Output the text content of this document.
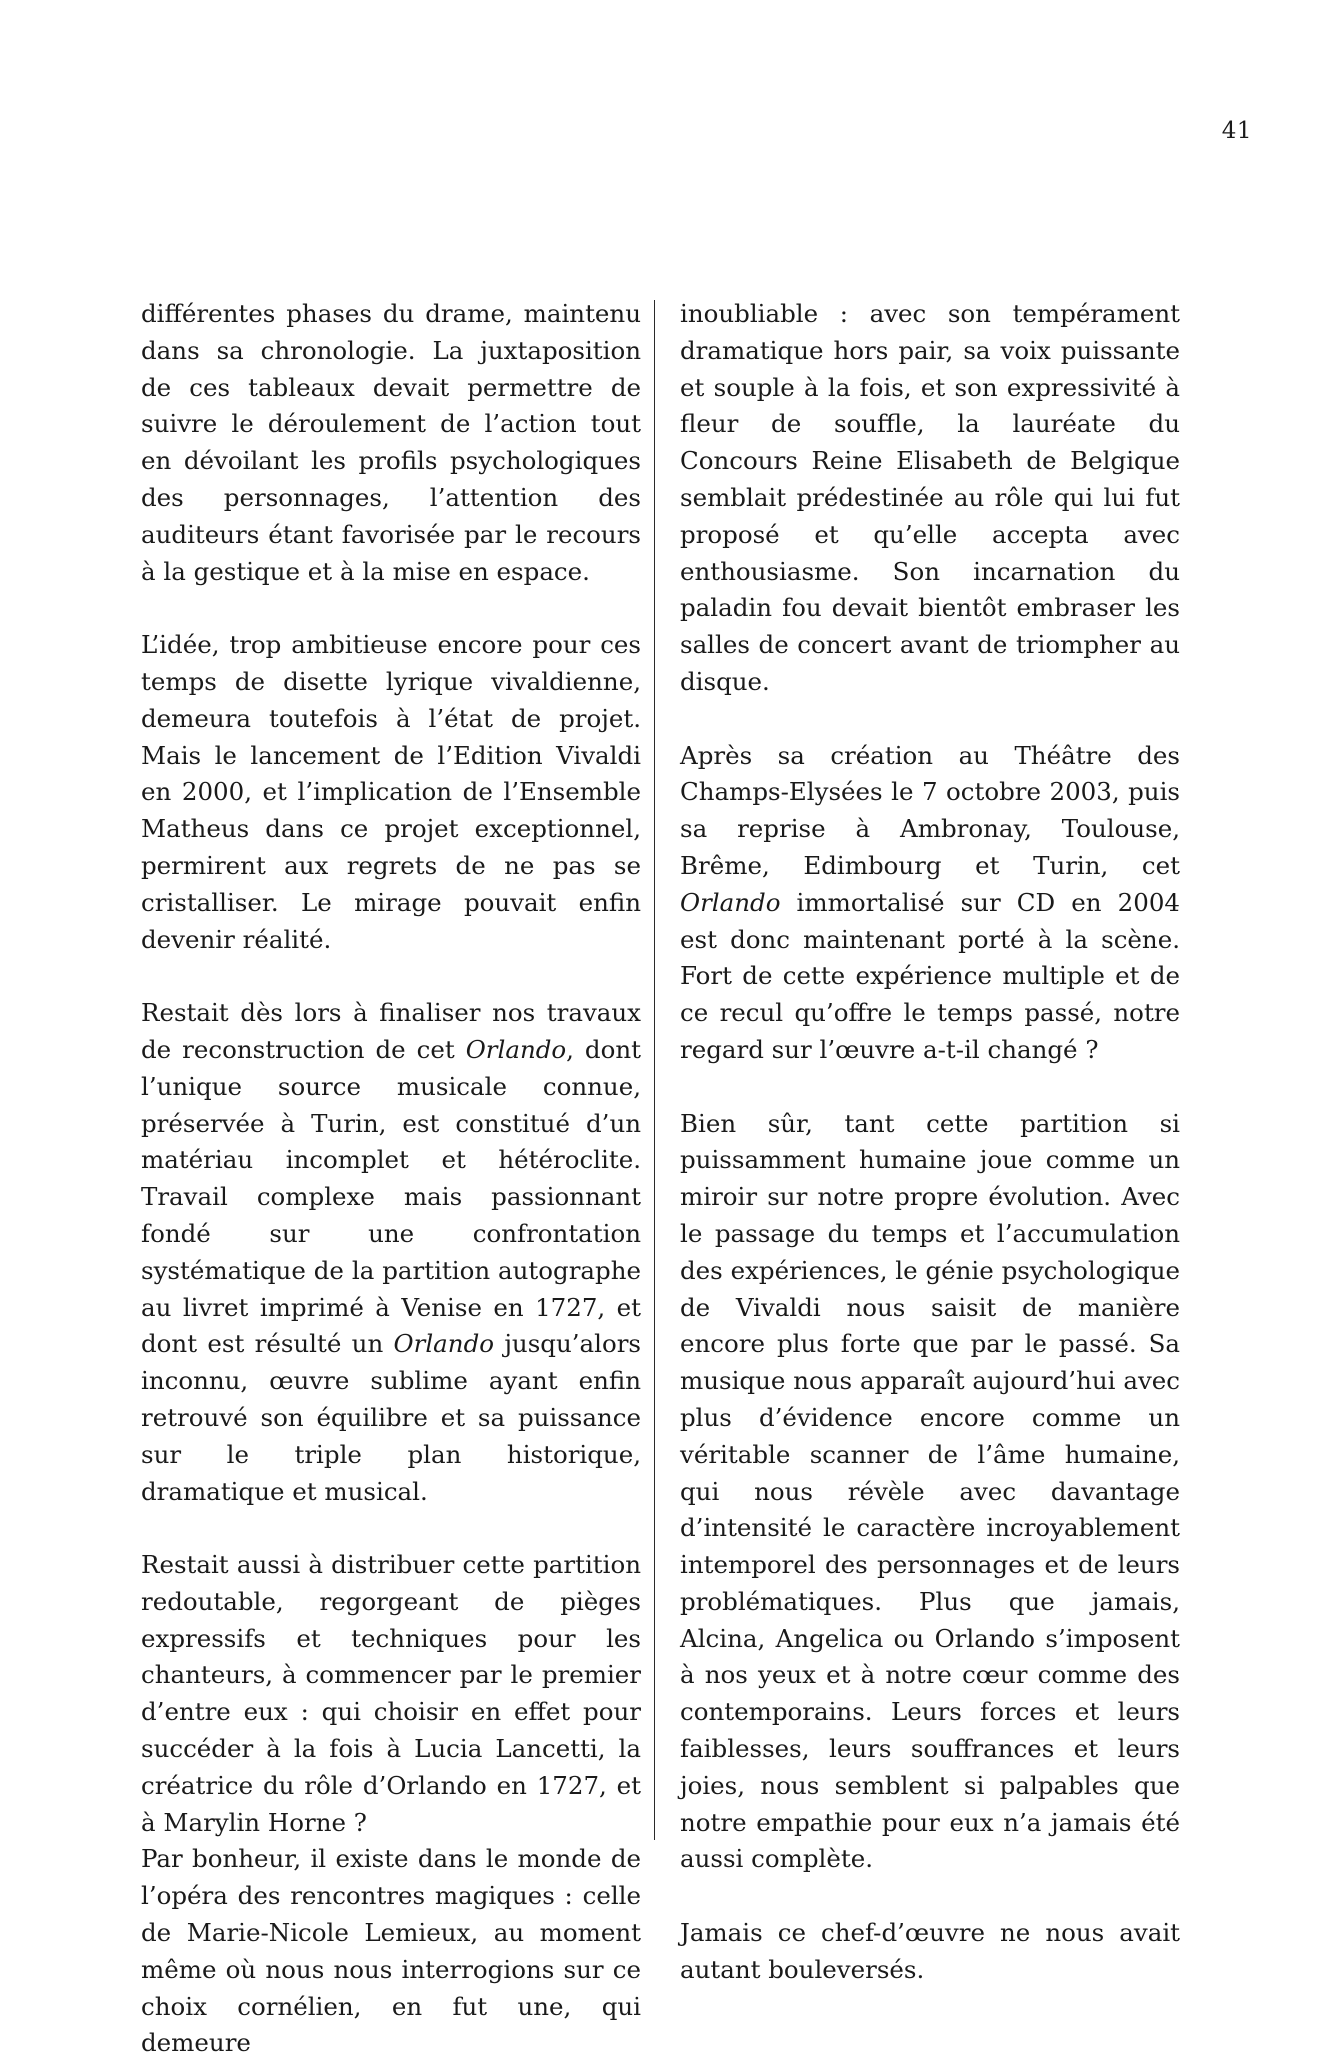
41

différentes phases du drame, maintenu dans sa chronologie. La juxtaposition de ces tableaux devait permettre de suivre le déroulement de l’action tout en dévoilant les profils psychologiques des personnages, l’attention des auditeurs étant favorisée par le recours à la gestique et à la mise en espace.

L’idée, trop ambitieuse encore pour ces temps de disette lyrique vivaldienne, demeura toutefois à l’état de projet. Mais le lancement de l’Edition Vivaldi en 2000, et l’implication de l’Ensemble Matheus dans ce projet exceptionnel, permirent aux regrets de ne pas se cristalliser. Le mirage pouvait enfin devenir réalité.

Restait dès lors à finaliser nos travaux de reconstruction de cet Orlando, dont l’unique source musicale connue, préservée à Turin, est constitué d’un matériau incomplet et hétéroclite. Travail complexe mais passionnant fondé sur une confrontation systématique de la partition autographe au livret imprimé à Venise en 1727, et dont est résulté un Orlando jusqu’alors inconnu, œuvre sublime ayant enfin retrouvé son équilibre et sa puissance sur le triple plan historique, dramatique et musical.

Restait aussi à distribuer cette partition redoutable, regorgeant de pièges expressifs et techniques pour les chanteurs, à commencer par le premier d’entre eux : qui choisir en effet pour succéder à la fois à Lucia Lancetti, la créatrice du rôle d’Orlando en 1727, et à Marylin Horne ?

Par bonheur, il existe dans le monde de l’opéra des rencontres magiques : celle de Marie-Nicole Lemieux, au moment même où nous nous interrogions sur ce choix cornélien, en fut une, qui demeure

inoubliable : avec son tempérament dramatique hors pair, sa voix puissante et souple à la fois, et son expressivité à fleur de souffle, la lauréate du Concours Reine Elisabeth de Belgique semblait prédestinée au rôle qui lui fut proposé et qu’elle accepta avec enthousiasme. Son incarnation du paladin fou devait bientôt embraser les salles de concert avant de triompher au disque.

Après sa création au Théâtre des Champs-Elysées le 7 octobre 2003, puis sa reprise à Ambronay, Toulouse, Brême, Edimbourg et Turin, cet Orlando immortalisé sur CD en 2004 est donc maintenant porté à la scène. Fort de cette expérience multiple et de ce recul qu’offre le temps passé, notre regard sur l’œuvre a-t-il changé ?

Bien sûr, tant cette partition si puissamment humaine joue comme un miroir sur notre propre évolution. Avec le passage du temps et l’accumulation des expériences, le génie psychologique de Vivaldi nous saisit de manière encore plus forte que par le passé. Sa musique nous apparaît aujourd’hui avec plus d’évidence encore comme un véritable scanner de l’âme humaine, qui nous révèle avec davantage d’intensité le caractère incroyablement intemporel des personnages et de leurs problématiques. Plus que jamais, Alcina, Angelica ou Orlando s’imposent à nos yeux et à notre cœur comme des contemporains. Leurs forces et leurs faiblesses, leurs souffrances et leurs joies, nous semblent si palpables que notre empathie pour eux n’a jamais été aussi complète.

Jamais ce chef-d’œuvre ne nous avait autant bouleversés.
